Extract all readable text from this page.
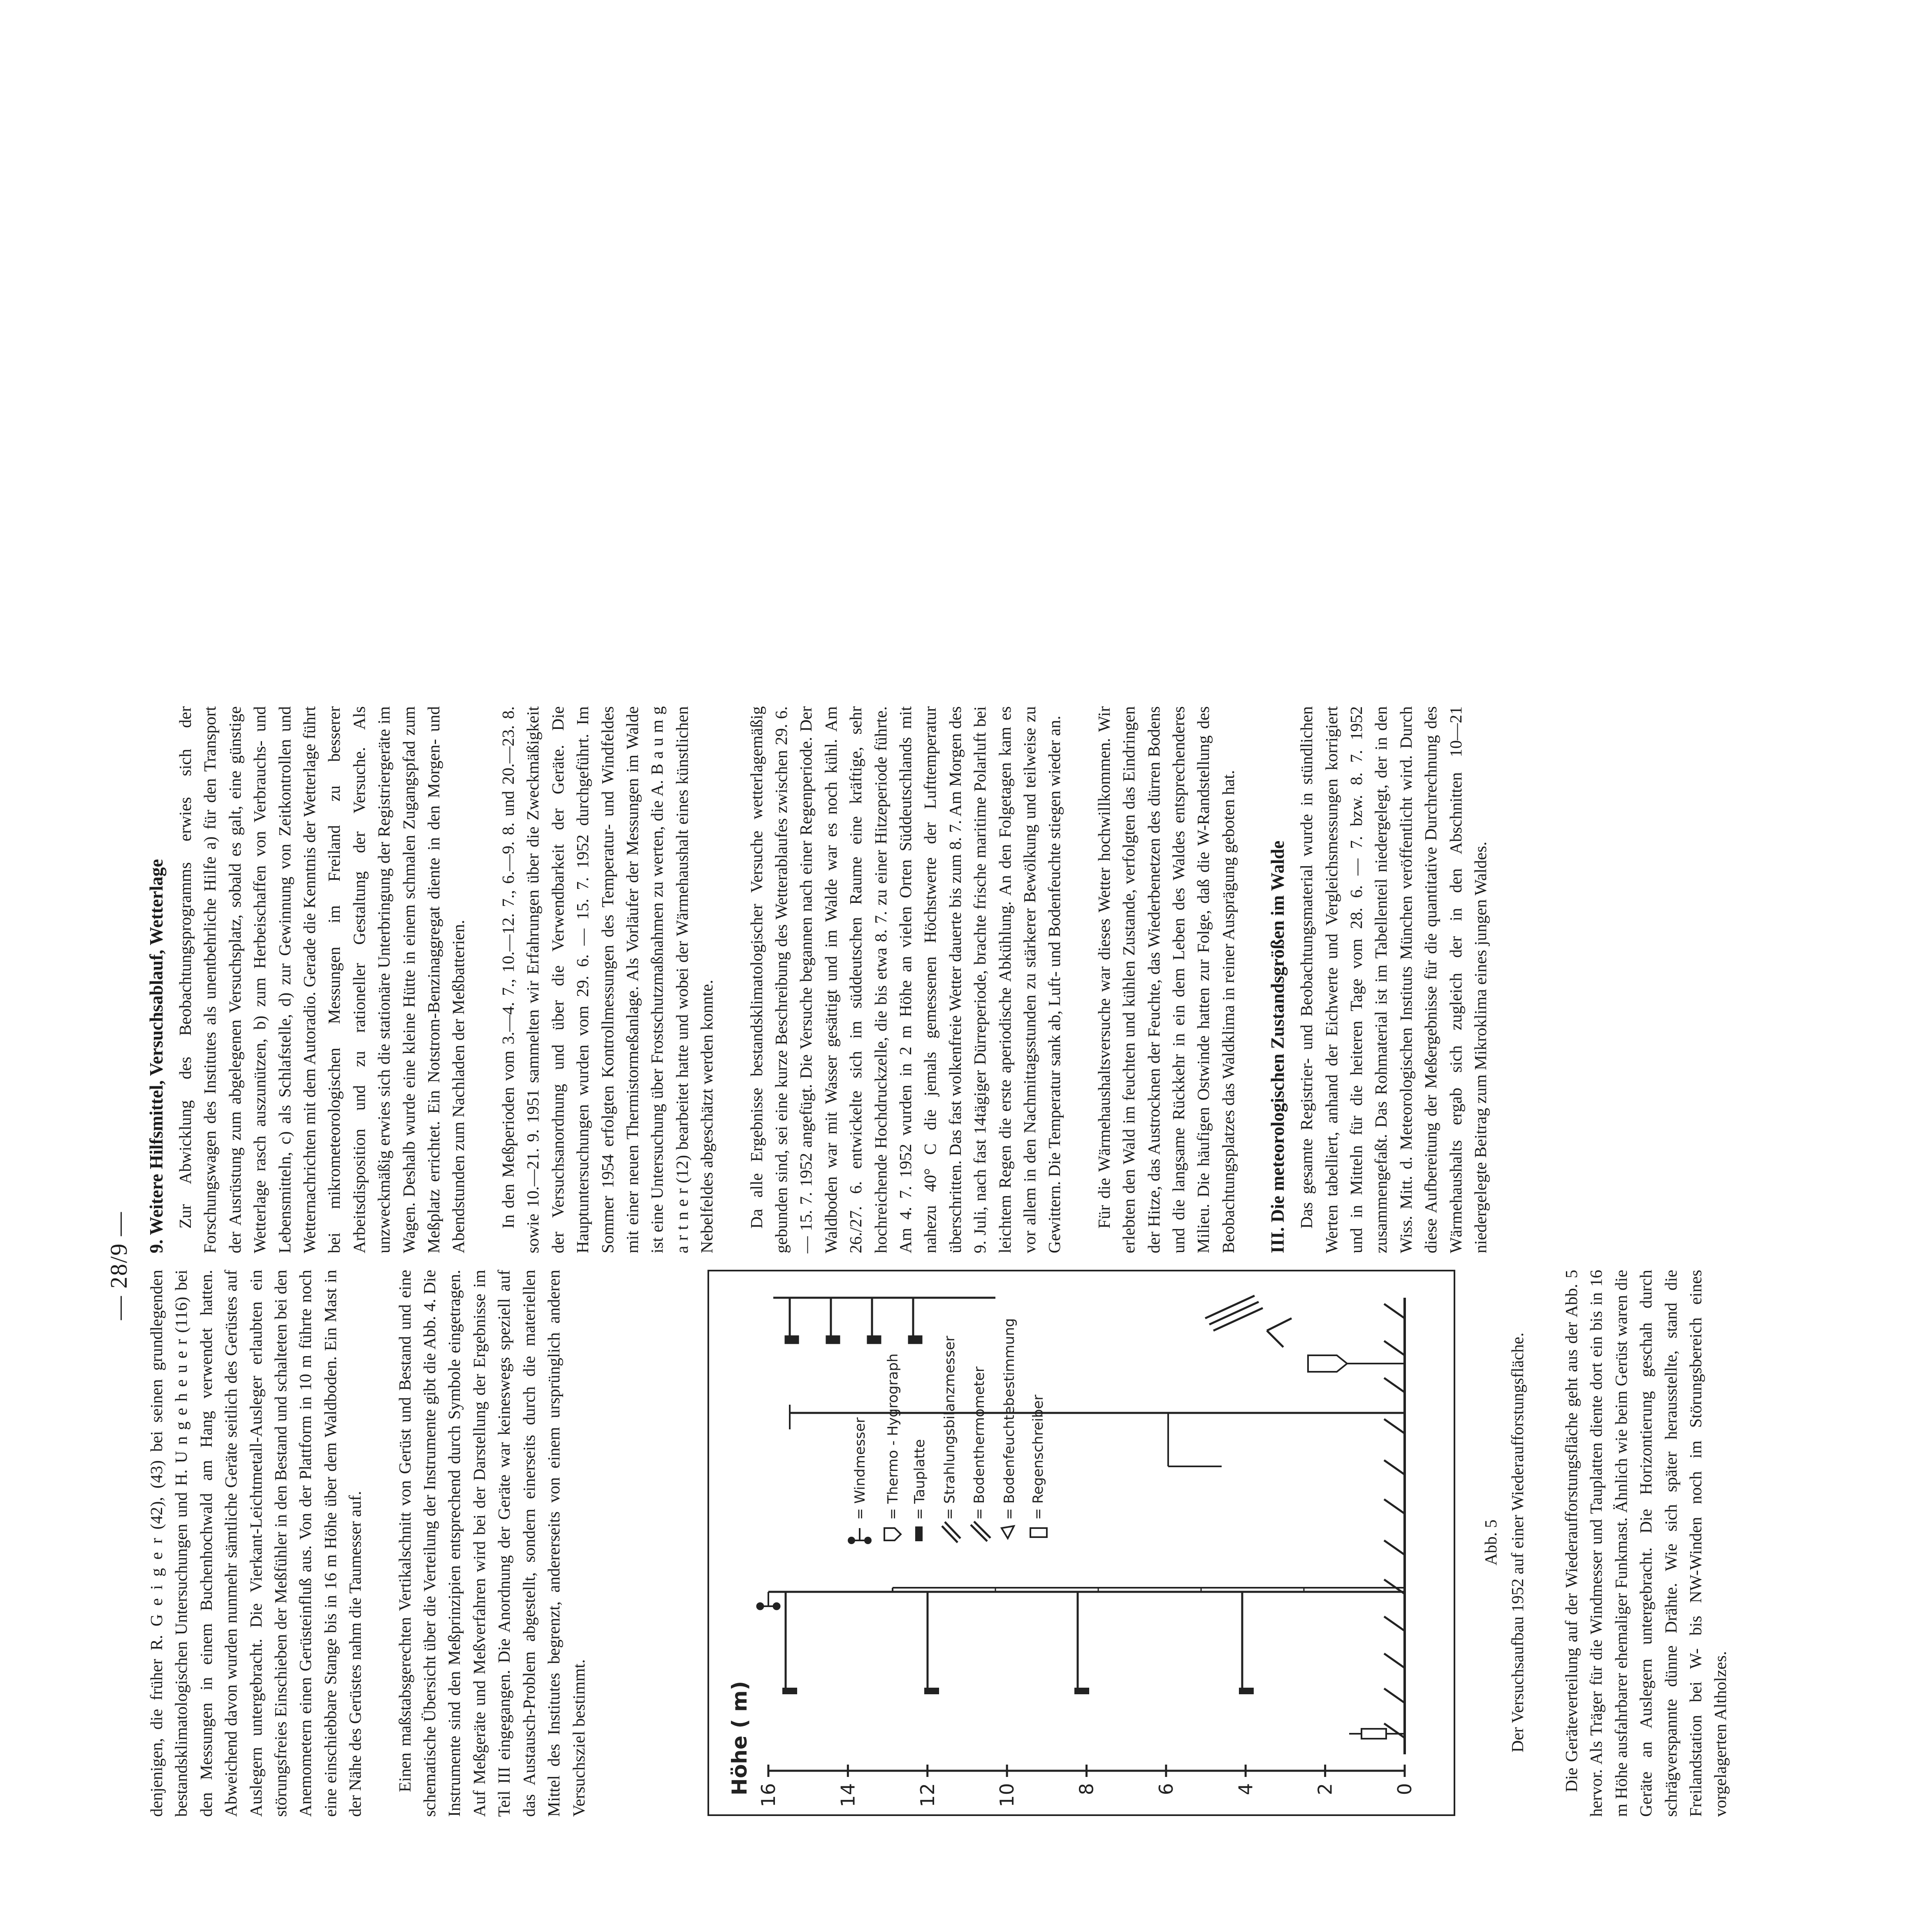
— 28/9 —

denjenigen, die früher R. G e i g e r (42), (43) bei seinen grundlegenden bestandsklimatologischen Untersuchungen und H. U n g e h e u e r (116) bei den Messungen in einem Buchenhochwald am Hang verwendet hatten. Abweichend davon wurden nunmehr sämtliche Geräte seitlich des Gerüstes auf Auslegern untergebracht. Die Vierkant-Leichtmetall-Ausleger erlaubten ein störungsfreies Einschieben der Meßfühler in den Bestand und schalteten bei den Anemometern einen Gerüsteinfluß aus. Von der Plattform in 10 m führte noch eine einschiebbare Stange bis in 16 m Höhe über dem Waldboden. Ein Mast in der Nähe des Gerüstes nahm die Taumesser auf. Einen maßstabsgerechten Vertikalschnitt von Gerüst und Bestand und eine schematische Übersicht über die Verteilung der Instrumente gibt die Abb. 4. Die Instrumente sind den Meßprinzipien entsprechend durch Symbole eingetragen. Auf Meßgeräte und Meßverfahren wird bei der Darstellung der Ergebnisse im Teil III eingegangen. Die Anordnung der Geräte war keineswegs speziell auf das Austausch-Problem abgestellt, sondern einerseits durch die materiellen Mittel des Institutes begrenzt, andererseits von einem ursprünglich anderen Versuchsziel bestimmt.	16	14	12	10	8	6	4	2	0
Höhe ( m)
= Windmesser = Thermo - Hygrograph = Tauplatte = Strahlungsbilanzmesser = Bodenthermometer = Bodenfeuchtebestimmung = Regenschreiber
Abb. 5 Der Versuchsaufbau 1952 auf einer Wiederaufforstungsfläche. Die Geräteverteilung auf der Wiederaufforstungsfläche geht aus der Abb. 5 hervor. Als Träger für die Windmesser und Tauplatten diente dort ein bis in 16 m Höhe ausfahrbarer ehemaliger Funkmast. Ähnlich wie beim Gerüst waren die Geräte an Auslegern untergebracht. Die Horizontierung geschah durch schrägverspannte dünne Drähte. Wie sich später herausstellte, stand die Freilandstation bei W- bis NW-Winden noch im Störungsbereich eines vorgelagerten Altholzes.

9. Weitere Hilfsmittel, Versuchsablauf, Wetterlage Zur Abwicklung des Beobachtungsprogramms erwies sich der Forschungswagen des Institutes als unentbehrliche Hilfe a) für den Transport der Ausrüstung zum abgelegenen Versuchsplatz, sobald es galt, eine günstige Wetterlage rasch auszunützen, b) zum Herbeischaffen von Verbrauchs- und Lebensmitteln, c) als Schlafstelle, d) zur Gewinnung von Zeitkontrollen und Wetternachrichten mit dem Autoradio. Gerade die Kenntnis der Wetterlage führt bei mikrometeorologischen Messungen im Freiland zu besserer Arbeitsdisposition und zu rationeller Gestaltung der Versuche. Als unzweckmäßig erwies sich die stationäre Unterbringung der Registriergeräte im Wagen. Deshalb wurde eine kleine Hütte in einem schmalen Zugangspfad zum Meßplatz errichtet. Ein Notstrom-Benzinaggregat diente in den Morgen- und Abendstunden zum Nachladen der Meßbatterien. In den Meßperioden vom 3.—4. 7., 10.—12. 7., 6.—9. 8. und 20.—23. 8. sowie 10.—21. 9. 1951 sammelten wir Erfahrungen über die Zweckmäßigkeit der Versuchsanordnung und über die Verwendbarkeit der Geräte. Die Hauptuntersuchungen wurden vom 29. 6. — 15. 7. 1952 durchgeführt. Im Sommer 1954 erfolgten Kontrollmessungen des Temperatur- und Windfeldes mit einer neuen Thermistormeßanlage. Als Vorläufer der Messungen im Walde ist eine Untersuchung über Frostschutzmaßnahmen zu werten, die A. B a u m g a r t n e r (12) bearbeitet hatte und wobei der Wärmehaushalt eines künstlichen Nebelfeldes abgeschätzt werden konnte. Da alle Ergebnisse bestandsklimatologischer Versuche wetterlagemäßig gebunden sind, sei eine kurze Beschreibung des Wetterablaufes zwischen 29. 6. — 15. 7. 1952 angefügt. Die Versuche begannen nach einer Regenperiode. Der Waldboden war mit Wasser gesättigt und im Walde war es noch kühl. Am 26./27. 6. entwickelte sich im süddeutschen Raume eine kräftige, sehr hochreichende Hochdruckzelle, die bis etwa 8. 7. zu einer Hitzeperiode führte. Am 4. 7. 1952 wurden in 2 m Höhe an vielen Orten Süddeutschlands mit nahezu 40° C die jemals gemessenen Höchstwerte der Lufttemperatur überschritten. Das fast wolkenfreie Wetter dauerte bis zum 8. 7. Am Morgen des 9. Juli, nach fast 14tägiger Dürreperiode, brachte frische maritime Polarluft bei leichtem Regen die erste aperiodische Abkühlung. An den Folgetagen kam es vor allem in den Nachmittagsstunden zu stärkerer Bewölkung und teilweise zu Gewittern. Die Temperatur sank ab, Luft- und Bodenfeuchte stiegen wieder an. Für die Wärmehaushaltsversuche war dieses Wetter hochwillkommen. Wir erlebten den Wald im feuchten und kühlen Zustande, verfolgten das Eindringen der Hitze, das Austrocknen der Feuchte, das Wiederbenetzen des dürren Bodens und die langsame Rückkehr in ein dem Leben des Waldes entsprechenderes Milieu. Die häufigen Ostwinde hatten zur Folge, daß die W-Randstellung des Beobachtungsplatzes das Waldklima in reiner Ausprägung geboten hat. III. Die meteorologischen Zustandsgrößen im Walde Das gesamte Registrier- und Beobachtungsmaterial wurde in stündlichen Werten tabelliert, anhand der Eichwerte und Vergleichsmessungen korrigiert und in Mitteln für die heiteren Tage vom 28. 6. — 7. bzw. 8. 7. 1952 zusammengefaßt. Das Rohmaterial ist im Tabellenteil niedergelegt, der in den Wiss. Mitt. d. Meteorologischen Instituts München veröffentlicht wird. Durch diese Aufbereitung der Meßergebnisse für die quantitative Durchrechnung des Wärmehaushalts ergab sich zugleich der in den Abschnitten 10—21 niedergelegte Beitrag zum Mikroklima eines jungen Waldes.
